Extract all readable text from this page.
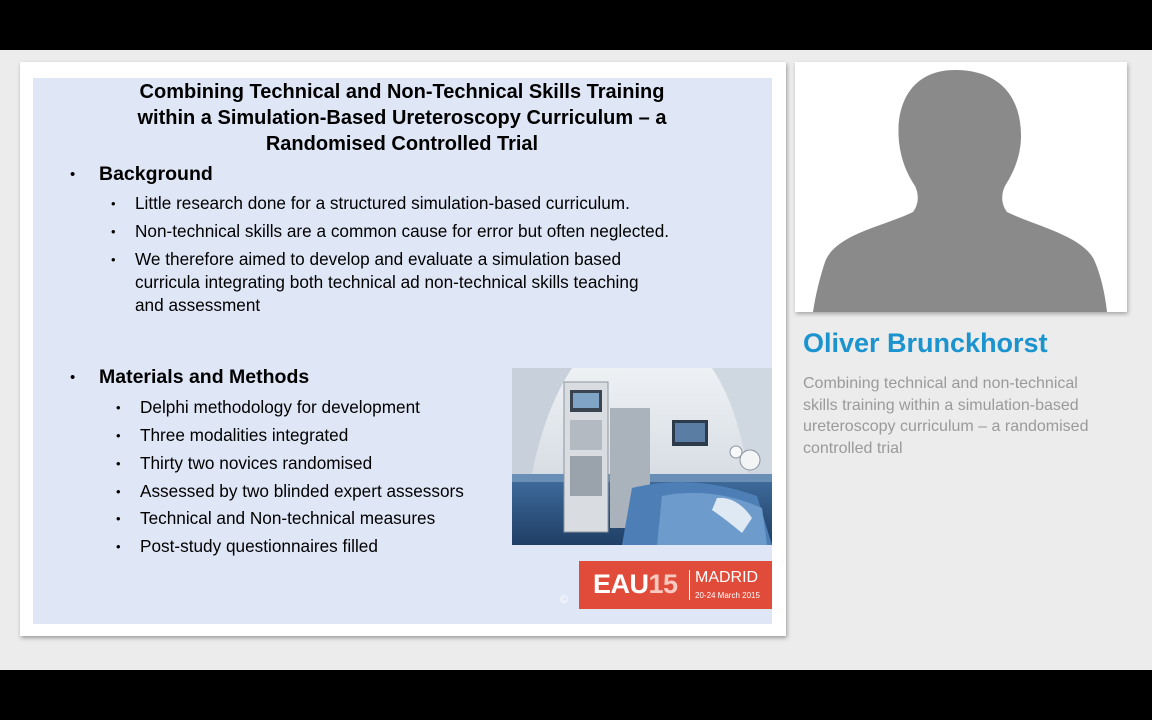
Combining Technical and Non-Technical Skills Training
within a Simulation-Based Ureteroscopy Curriculum – a
Randomised Controlled Trial
• Background
• Little research done for a structured simulation-based curriculum.
• Non-technical skills are a common cause for error but often neglected.
• We therefore aimed to develop and evaluate a simulation based
curricula integrating both technical ad non-technical skills teaching
and assessment
• Materials and Methods
• Delphi methodology for development
• Three modalities integrated
• Thirty two novices randomised
• Assessed by two blinded expert assessors
• Technical and Non-technical measures
• Post-study questionnaires filled
EAU15 MADRID
20-24 March 2015
©
Oliver Brunckhorst
Combining technical and non-technical
skills training within a simulation-based
ureteroscopy curriculum – a randomised
controlled trial
